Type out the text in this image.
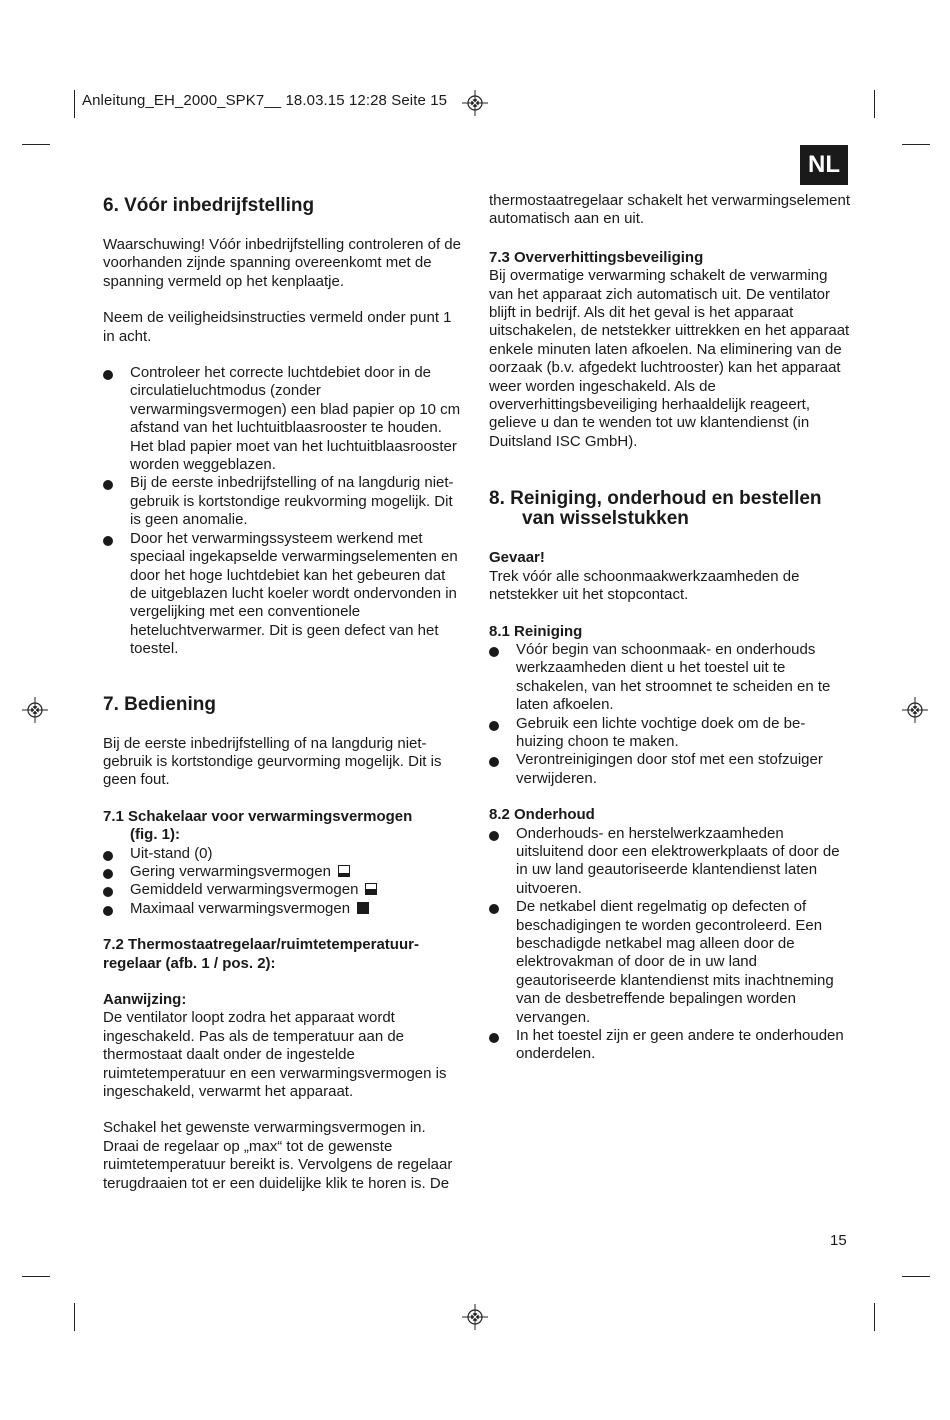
Anleitung_EH_2000_SPK7__ 18.03.15 12:28 Seite 15
NL
6. Vóór inbedrijfstelling

Waarschuwing! Vóór inbedrijfstelling controleren of de voorhanden zijnde spanning overeenkomt met de spanning vermeld op het kenplaatje.

Neem de veiligheidsinstructies vermeld onder punt 1 in acht.

Controleer het correcte luchtdebiet door in de circulatieluchtmodus (zonder verwarmingsvermogen) een blad papier op 10 cm afstand van het luchtuitblaasrooster te houden. Het blad papier moet van het luchtuitblaasrooster worden weggeblazen.
Bij de eerste inbedrijfstelling of na langdurig niet-gebruik is kortstondige reukvorming mogelijk. Dit is geen anomalie.
Door het verwarmingssysteem werkend met speciaal ingekapselde verwarmingselementen en door het hoge luchtdebiet kan het gebeuren dat de uitgeblazen lucht koeler wordt ondervonden in vergelijking met een conventionele heteluchtverwarmer. Dit is geen defect van het toestel.
7. Bediening

Bij de eerste inbedrijfstelling of na langdurig niet-gebruik is kortstondige geurvorming mogelijk. Dit is geen fout.

7.1 Schakelaar voor verwarmingsvermogen
(fig. 1):
Uit-stand (0)
Gering verwarmingsvermogen
Gemiddeld verwarmingsvermogen
Maximaal verwarmingsvermogen
7.2 Thermostaatregelaar/ruimtetemperatuur-regelaar (afb. 1 / pos. 2):
Aanwijzing:

De ventilator loopt zodra het apparaat wordt ingeschakeld. Pas als de temperatuur aan de thermostaat daalt onder de ingestelde ruimtetemperatuur en een verwarmingsvermogen is ingeschakeld, verwarmt het apparaat.

Schakel het gewenste verwarmingsvermogen in. Draai de regelaar op „max“ tot de gewenste ruimtetemperatuur bereikt is. Vervolgens de regelaar terugdraaien tot er een duidelijke klik te horen is. De

thermostaatregelaar schakelt het verwarmingselement automatisch aan en uit.

7.3 Oververhittingsbeveiliging

Bij overmatige verwarming schakelt de verwarming van het apparaat zich automatisch uit. De ventilator blijft in bedrijf. Als dit het geval is het apparaat uitschakelen, de netstekker uittrekken en het apparaat enkele minuten laten afkoelen. Na eliminering van de oorzaak (b.v. afgedekt luchtrooster) kan het apparaat weer worden ingeschakeld. Als de oververhittingsbeveiliging herhaaldelijk reageert, gelieve u dan te wenden tot uw klantendienst (in Duitsland ISC GmbH).

8. Reiniging, onderhoud en bestellen
van wisselstukken
Gevaar!

Trek vóór alle schoonmaakwerkzaamheden de netstekker uit het stopcontact.

8.1 Reiniging
Vóór begin van schoonmaak- en onderhouds werkzaamheden dient u het toestel uit te schakelen, van het stroomnet te scheiden en te laten afkoelen.
Gebruik een lichte vochtige doek om de be-huizing choon te maken.
Verontreinigingen door stof met een stofzuiger verwijderen.
8.2 Onderhoud
Onderhouds- en herstelwerkzaamheden uitsluitend door een elektrowerkplaats of door de in uw land geautoriseerde klantendienst laten uitvoeren.
De netkabel dient regelmatig op defecten of beschadigingen te worden gecontroleerd. Een beschadigde netkabel mag alleen door de elektrovakman of door de in uw land geautoriseerde klantendienst mits inachtneming van de desbetreffende bepalingen worden vervangen.
In het toestel zijn er geen andere te onderhouden onderdelen.
15
